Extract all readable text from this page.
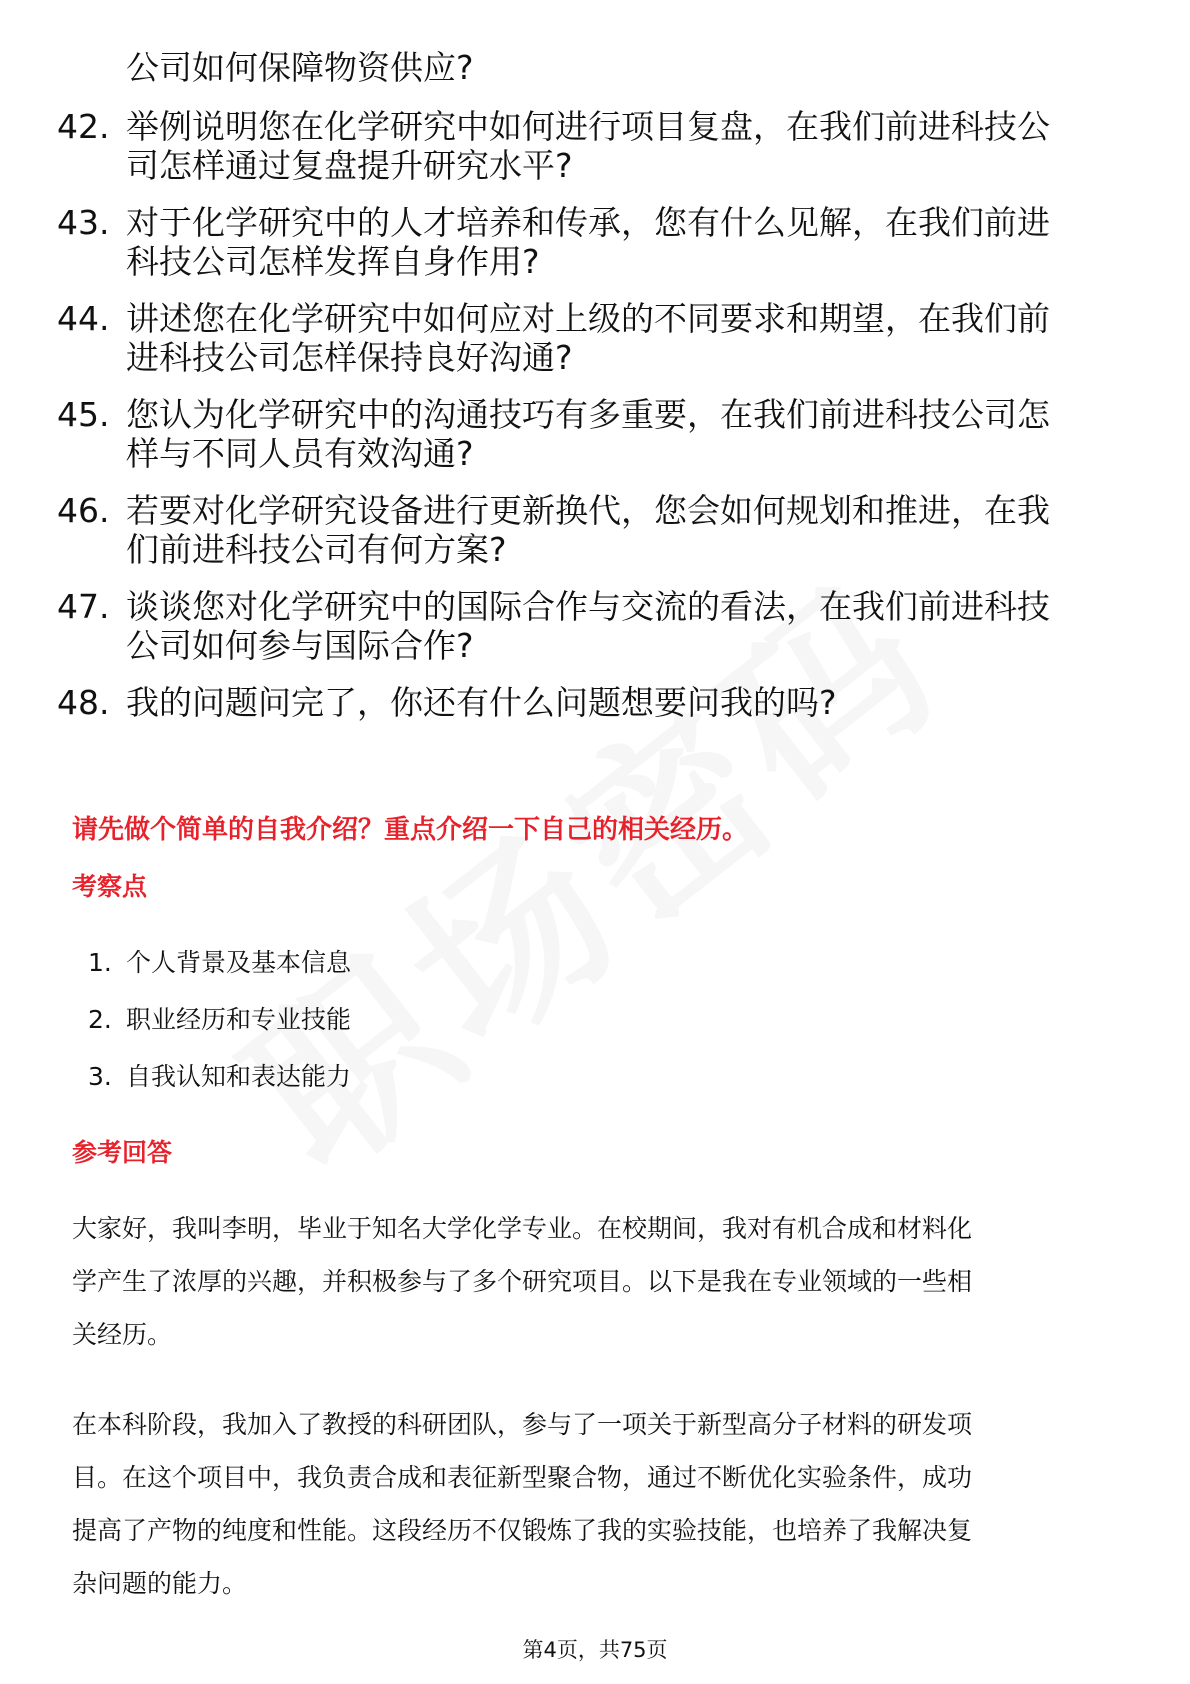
公司如何保障物资供应?
42. 举例说明您在化学研究中如何进行项目复盘，在我们前进科技公
司怎样通过复盘提升研究水平?
43. 对于化学研究中的人才培养和传承，您有什么见解，在我们前进
科技公司怎样发挥自身作用?
44. 讲述您在化学研究中如何应对上级的不同要求和期望，在我们前
进科技公司怎样保持良好沟通?
45. 您认为化学研究中的沟通技巧有多重要，在我们前进科技公司怎
样与不同人员有效沟通?
46. 若要对化学研究设备进行更新换代，您会如何规划和推进，在我
们前进科技公司有何方案?
47. 谈谈您对化学研究中的国际合作与交流的看法，在我们前进科技
公司如何参与国际合作?
48. 我的问题问完了，你还有什么问题想要问我的吗?
请先做个简单的自我介绍？重点介绍一下自己的相关经历。
考察点
1. 个人背景及基本信息
2. 职业经历和专业技能
3. 自我认知和表达能力
参考回答
大家好，我叫李明，毕业于知名大学化学专业。在校期间，我对有机合成和材料化
学产生了浓厚的兴趣，并积极参与了多个研究项目。以下是我在专业领域的一些相
关经历。
在本科阶段，我加入了教授的科研团队，参与了一项关于新型高分子材料的研发项
目。在这个项目中，我负责合成和表征新型聚合物，通过不断优化实验条件，成功
提高了产物的纯度和性能。这段经历不仅锻炼了我的实验技能，也培养了我解决复
杂问题的能力。
第4页，共75页
